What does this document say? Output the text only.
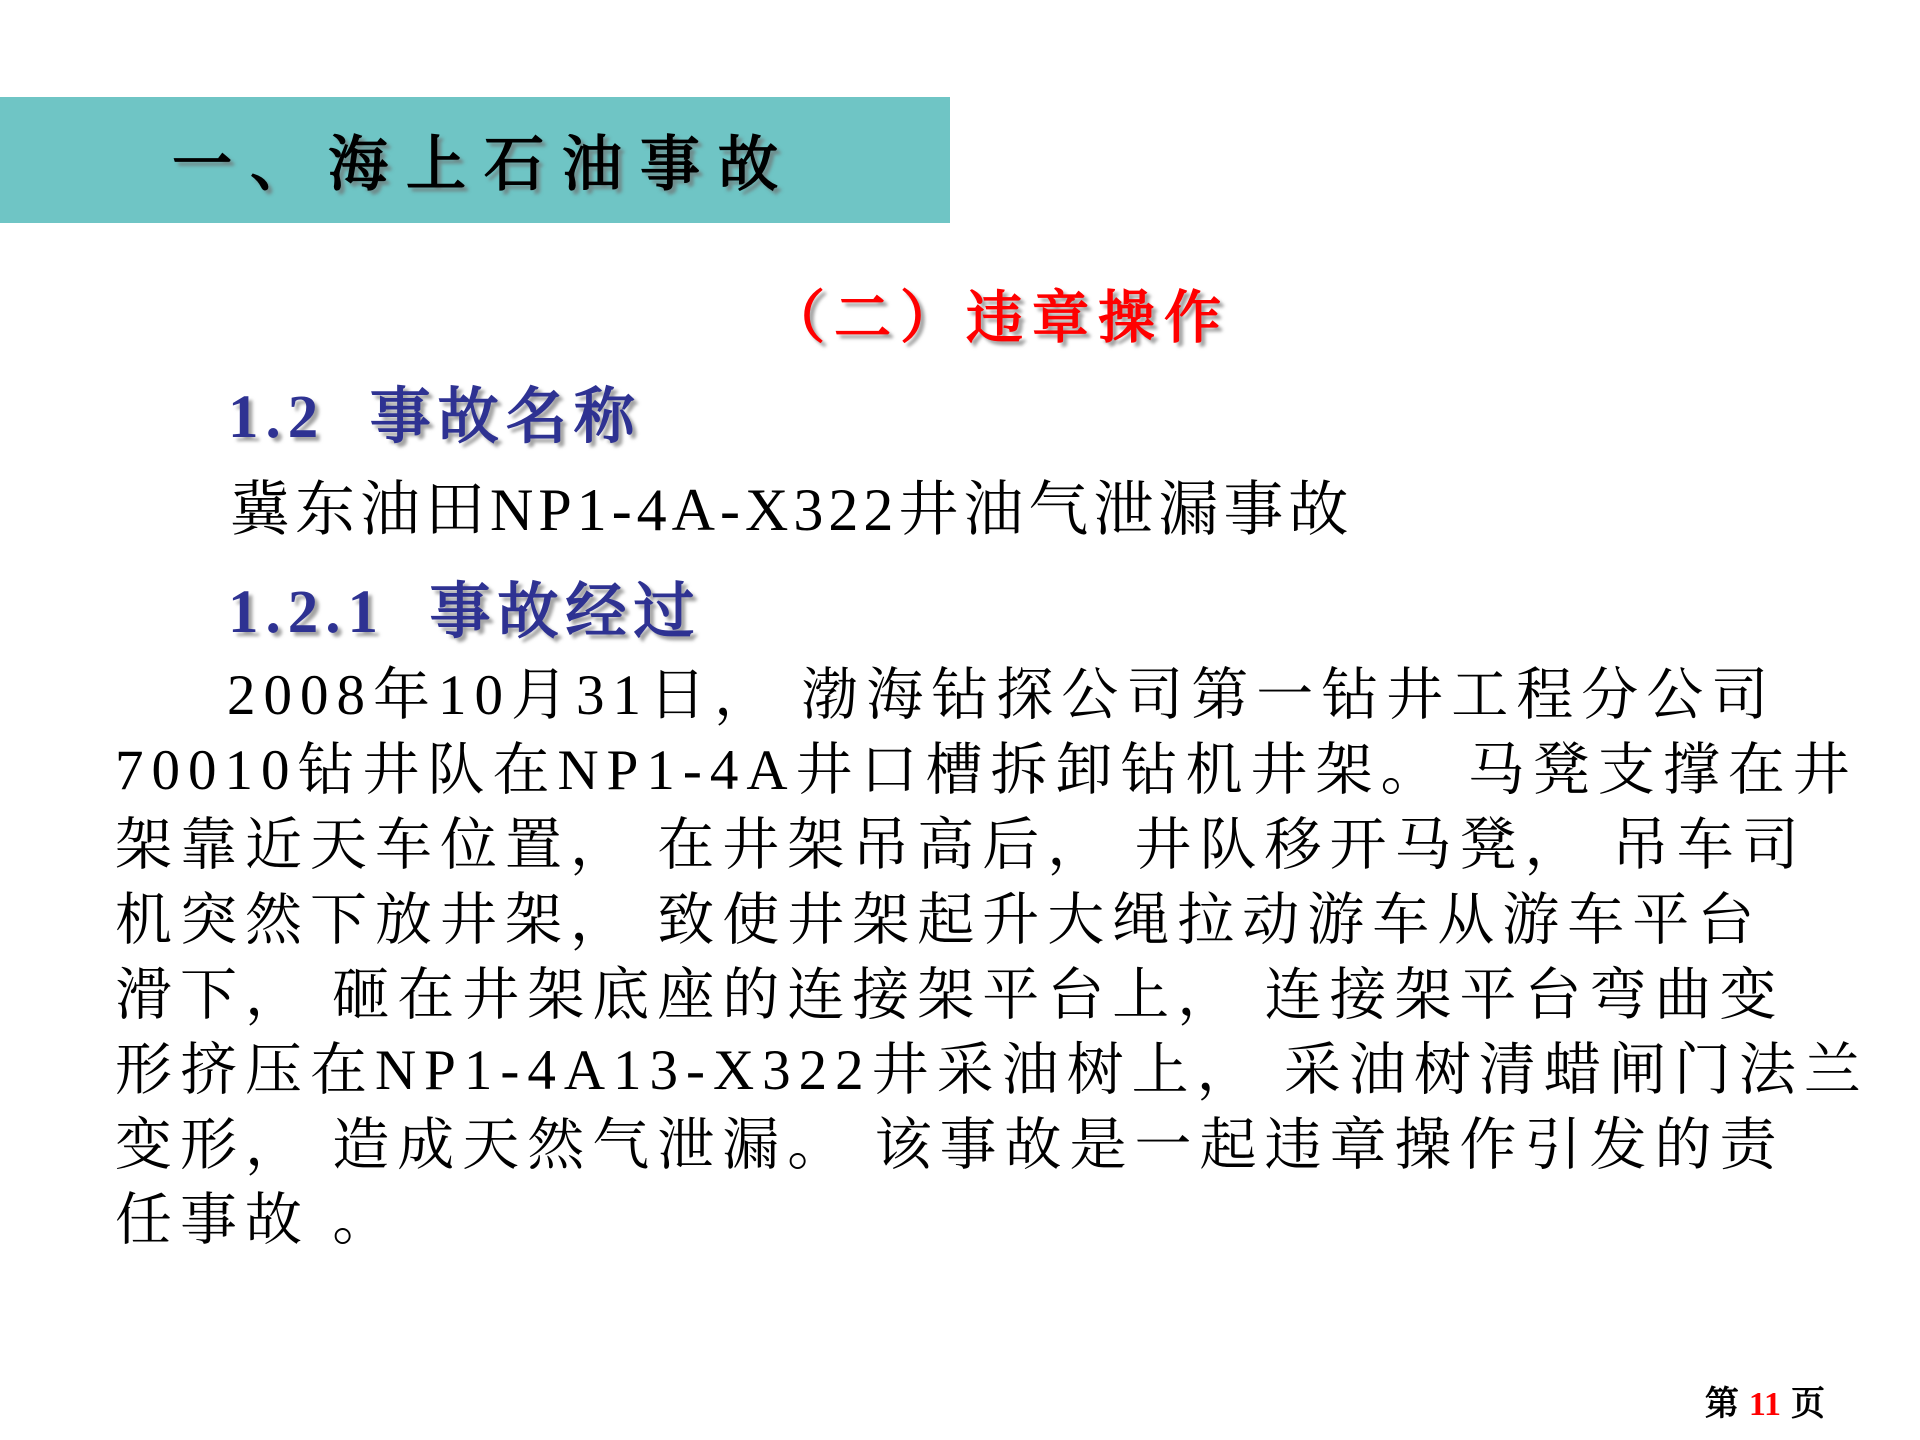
一、海上石油事故
（二）违章操作
1.2  事故名称

冀东油田NP1-4A-X322井油气泄漏事故

1.2.1  事故经过
2008年10月31日， 渤海钻探公司第一钻井工程分公司
70010钻井队在NP1-4A井口槽拆卸钻机井架。 马凳支撑在井
架靠近天车位置， 在井架吊高后， 井队移开马凳， 吊车司
机突然下放井架， 致使井架起升大绳拉动游车从游车平台
滑下， 砸在井架底座的连接架平台上， 连接架平台弯曲变
形挤压在NP1-4A13-X322井采油树上， 采油树清蜡闸门法兰
变形， 造成天然气泄漏。 该事故是一起违章操作引发的责
任事故 。

第 11 页
